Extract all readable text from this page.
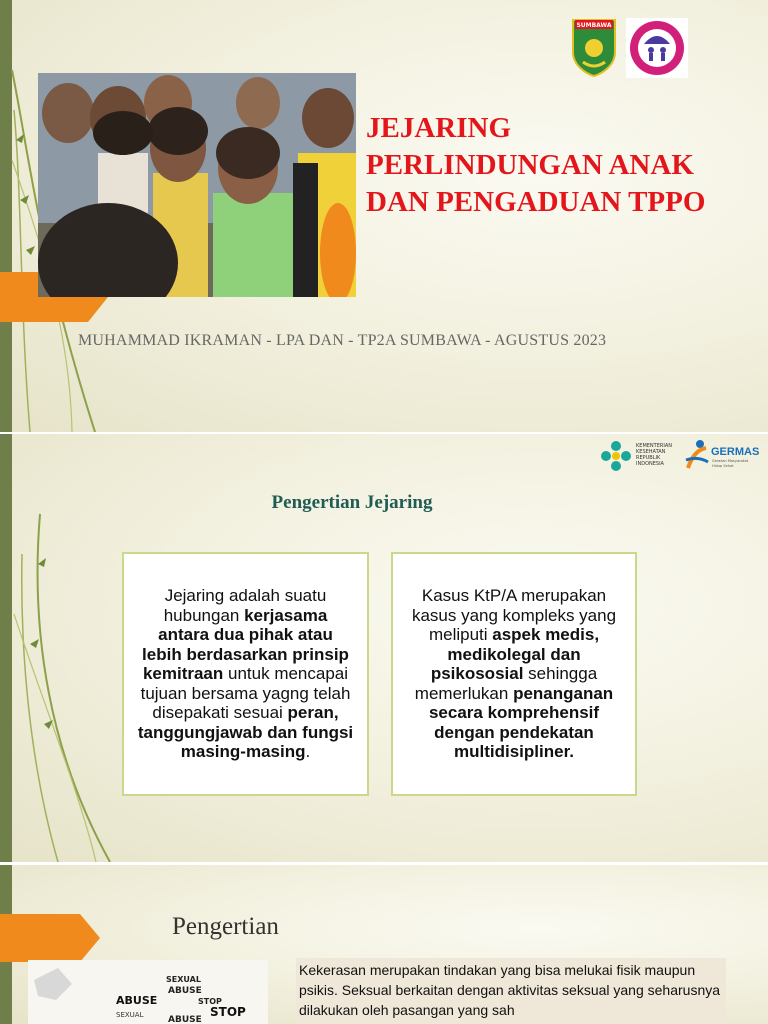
SUMBAWA
JEJARING
PERLINDUNGAN ANAK
DAN PENGADUAN TPPO
MUHAMMAD IKRAMAN - LPA DAN - TP2A SUMBAWA - AGUSTUS 2023
KEMENTERIAN
KESEHATAN
REPUBLIK
INDONESIA
GERMAS
Gerakan Masyarakat
Hidup Sehat
Pengertian Jejaring
Jejaring adalah suatu hubungan kerjasama antara dua pihak atau lebih berdasarkan prinsip kemitraan untuk mencapai tujuan bersama yagng telah disepakati sesuai peran, tanggungjawab dan fungsi masing-masing.
Kasus KtP/A merupakan kasus yang kompleks yang meliputi aspek medis, medikolegal dan psikososial sehingga memerlukan penanganan secara komprehensif dengan pendekatan multidisipliner.
Pengertian
SEXUAL
ABUSE
ABUSE	STOP
STOP
SEXUAL	ABUSE
Kekerasan merupakan tindakan yang bisa melukai fisik maupun psikis. Seksual berkaitan dengan aktivitas seksual yang seharusnya dilakukan oleh pasangan yang sah
